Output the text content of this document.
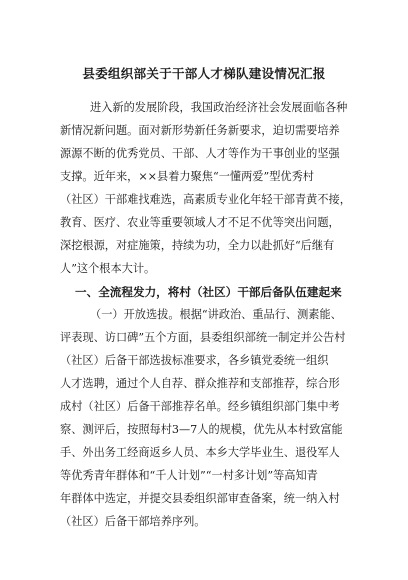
县委组织部关于干部人才梯队建设情况汇报
进入新的发展阶段，我国政治经济社会发展面临各种
新情况新问题。面对新形势新任务新要求，迫切需要培养
源源不断的优秀党员、干部、人才等作为干事创业的坚强
支撑。近年来，××县着力聚焦“一懂两爱”型优秀村
（社区）干部难找难选，高素质专业化年轻干部青黄不接，
教育、医疗、农业等重要领域人才不足不优等突出问题，
深挖根源，对症施策，持续为功，全力以赴抓好“后继有
人”这个根本大计。
一、全流程发力，将村（社区）干部后备队伍建起来
（一）开放选拔。根据“讲政治、重品行、测素能、
评表现、访口碑”五个方面，县委组织部统一制定并公告村
（社区）后备干部选拔标准要求，各乡镇党委统一组织
人才选聘，通过个人自荐、群众推荐和支部推荐，综合形
成村（社区）后备干部推荐名单。经乡镇组织部门集中考
察、测评后，按照每村3—7人的规模，优先从本村致富能
手、外出务工经商返乡人员、本乡大学毕业生、退役军人
等优秀青年群体和“千人计划”“一村多计划”等高知青
年群体中选定，并提交县委组织部审查备案，统一纳入村
（社区）后备干部培养序列。
